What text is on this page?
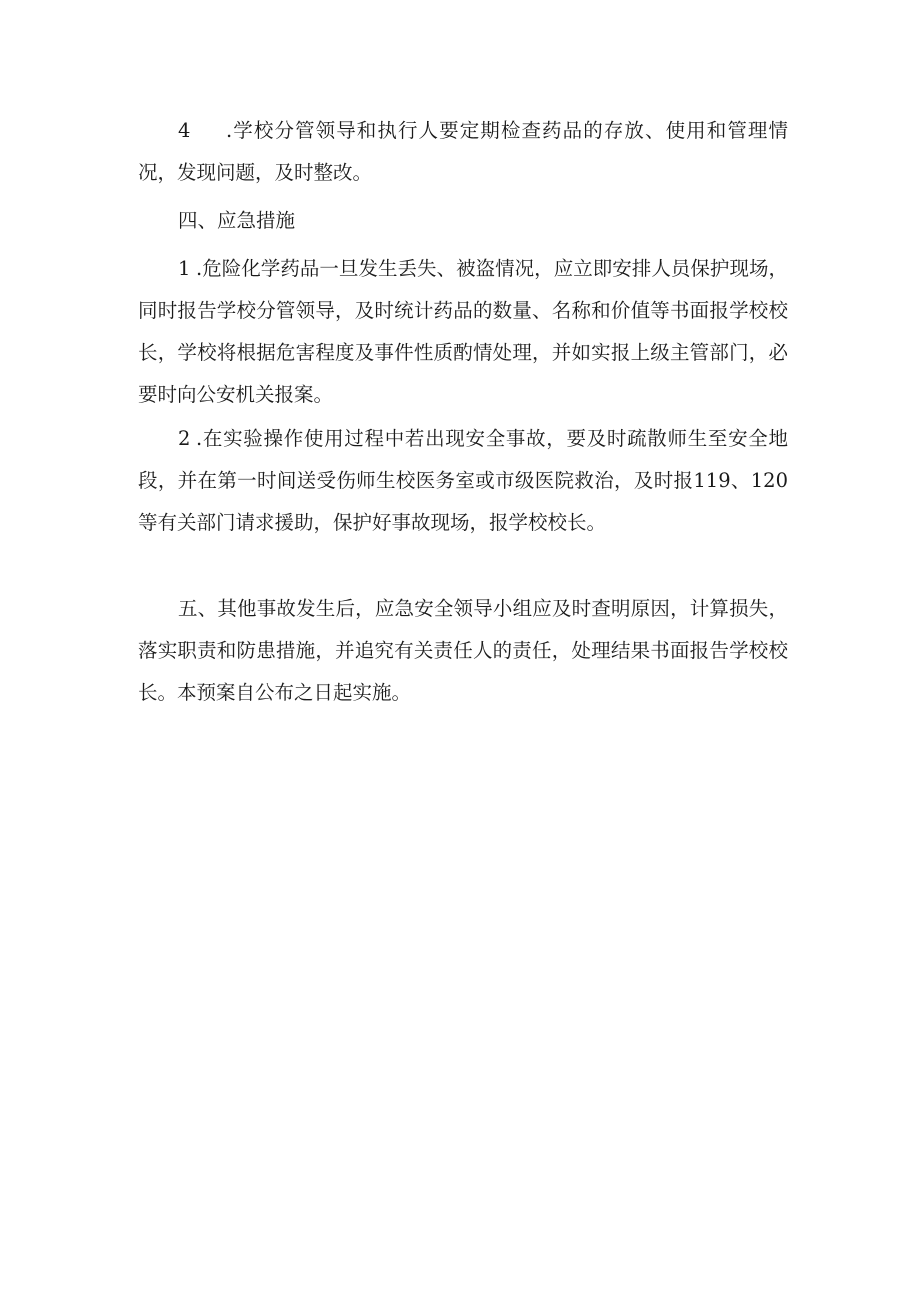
4 .学校分管领导和执行人要定期检查药品的存放、使用和管理情况，发现问题，及时整改。

四、应急措施

1 .危险化学药品一旦发生丢失、被盗情况，应立即安排人员保护现场，同时报告学校分管领导，及时统计药品的数量、名称和价值等书面报学校校长，学校将根据危害程度及事件性质酌情处理，并如实报上级主管部门，必要时向公安机关报案。

2 .在实验操作使用过程中若出现安全事故，要及时疏散师生至安全地段，并在第一时间送受伤师生校医务室或市级医院救治，及时报119、120等有关部门请求援助，保护好事故现场，报学校校长。

五、其他事故发生后，应急安全领导小组应及时查明原因，计算损失，落实职责和防患措施，并追究有关责任人的责任，处理结果书面报告学校校长。本预案自公布之日起实施。
